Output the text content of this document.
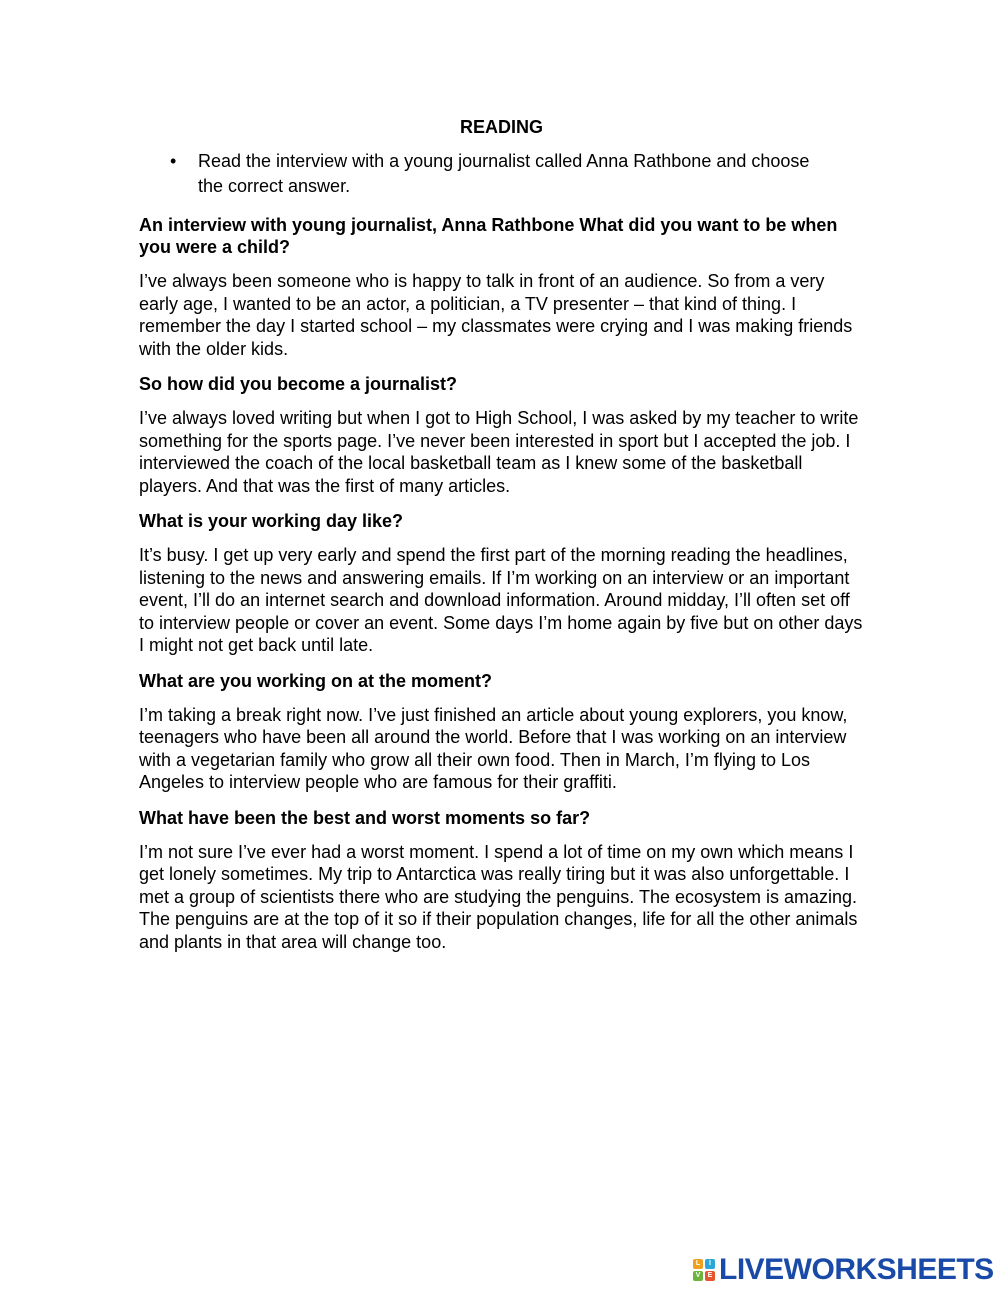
READING
•	Read the interview with a young journalist called Anna Rathbone and choose the correct answer.
An interview with young journalist, Anna Rathbone What did you want to be when you were a child?
I’ve always been someone who is happy to talk in front of an audience. So from a very early age, I wanted to be an actor, a politician, a TV presenter – that kind of thing. I remember the day I started school – my classmates were crying and I was making friends with the older kids.
So how did you become a journalist?
I’ve always loved writing but when I got to High School, I was asked by my teacher to write something for the sports page. I’ve never been interested in sport but I accepted the job. I interviewed the coach of the local basketball team as I knew some of the basketball players. And that was the first of many articles.
What is your working day like?
It’s busy. I get up very early and spend the first part of the morning reading the headlines, listening to the news and answering emails. If I’m working on an interview or an important event, I’ll do an internet search and download information. Around midday, I’ll often set off to interview people or cover an event. Some days I’m home again by five but on other days I might not get back until late.
What are you working on at the moment?
I’m taking a break right now. I’ve just finished an article about young explorers, you know, teenagers who have been all around the world. Before that I was working on an interview with a vegetarian family who grow all their own food. Then in March, I’m flying to Los Angeles to interview people who are famous for their graffiti.
What have been the best and worst moments so far?
I’m not sure I’ve ever had a worst moment. I spend a lot of time on my own which means I get lonely sometimes. My trip to Antarctica was really tiring but it was also unforgettable. I met a group of scientists there who are studying the penguins. The ecosystem is amazing. The penguins are at the top of it so if their population changes, life for all the other animals and plants in that area will change too.
L	I
V	E LIVEWORKSHEETS
